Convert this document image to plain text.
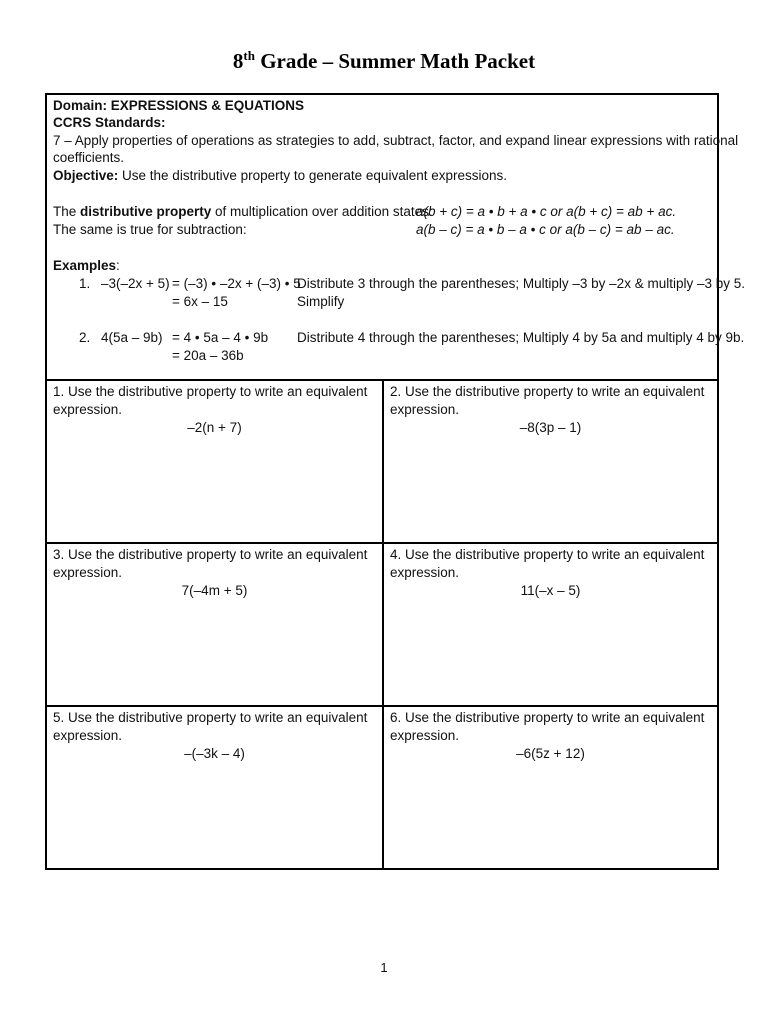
8th Grade – Summer Math Packet
Domain: EXPRESSIONS & EQUATIONS
CCRS Standards:
7 – Apply properties of operations as strategies to add, subtract, factor, and expand linear expressions with rational
coefficients.
Objective: Use the distributive property to generate equivalent expressions.
The distributive property of multiplication over addition states:
a(b + c) = a • b + a • c or a(b + c) = ab + ac.
The same is true for subtraction:	a(b – c) = a • b – a • c or a(b – c) = ab – ac.
Examples:
1. –3(–2x + 5) = (–3) • –2x + (–3) • 5
= 6x – 15
Distribute 3 through the parentheses; Multiply –3 by –2x & multiply –3 by 5.
Simplify
2. 4(5a – 9b) = 4 • 5a – 4 • 9b
= 20a – 36b
Distribute 4 through the parentheses; Multiply 4 by 5a and multiply 4 by 9b.
1. Use the distributive property to write an equivalent expression.
–2(n + 7)
2. Use the distributive property to write an equivalent expression.
–8(3p – 1)
3. Use the distributive property to write an equivalent expression.
7(–4m + 5)
4. Use the distributive property to write an equivalent expression.
11(–x – 5)
5. Use the distributive property to write an equivalent expression.
–(–3k – 4)
6. Use the distributive property to write an equivalent expression.
–6(5z + 12)
1
